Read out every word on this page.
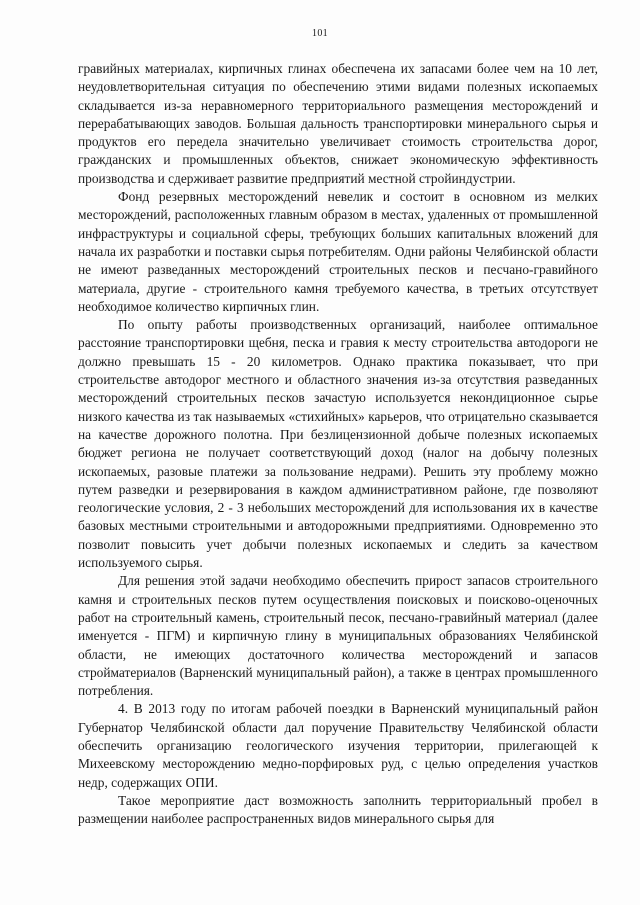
101

гравийных материалах, кирпичных глинах обеспечена их запасами более чем на 10 лет, неудовлетворительная ситуация по обеспечению этими видами полезных ископаемых складывается из-за неравномерного территориального размещения месторождений и перерабатывающих заводов. Большая дальность транспортировки минерального сырья и продуктов его передела значительно увеличивает стоимость строительства дорог, гражданских и промышленных объектов, снижает экономическую эффективность производства и сдерживает развитие предприятий местной стройиндустрии.

Фонд резервных месторождений невелик и состоит в основном из мелких месторождений, расположенных главным образом в местах, удаленных от промышленной инфраструктуры и социальной сферы, требующих больших капитальных вложений для начала их разработки и поставки сырья потребителям. Одни районы Челябинской области не имеют разведанных месторождений строительных песков и песчано-гравийного материала, другие - строительного камня требуемого качества, в третьих отсутствует необходимое количество кирпичных глин.

По опыту работы производственных организаций, наиболее оптимальное расстояние транспортировки щебня, песка и гравия к месту строительства автодороги не должно превышать 15 - 20 километров. Однако практика показывает, что при строительстве автодорог местного и областного значения из-за отсутствия разведанных месторождений строительных песков зачастую используется некондиционное сырье низкого качества из так называемых «стихийных» карьеров, что отрицательно сказывается на качестве дорожного полотна. При безлицензионной добыче полезных ископаемых бюджет региона не получает соответствующий доход (налог на добычу полезных ископаемых, разовые платежи за пользование недрами). Решить эту проблему можно путем разведки и резервирования в каждом административном районе, где позволяют геологические условия, 2 - 3 небольших месторождений для использования их в качестве базовых местными строительными и автодорожными предприятиями. Одновременно это позволит повысить учет добычи полезных ископаемых и следить за качеством используемого сырья.

Для решения этой задачи необходимо обеспечить прирост запасов строительного камня и строительных песков путем осуществления поисковых и поисково-оценочных работ на строительный камень, строительный песок, песчано-гравийный материал (далее именуется - ПГМ) и кирпичную глину в муниципальных образованиях Челябинской области, не имеющих достаточного количества месторождений и запасов стройматериалов (Варненский муниципальный район), а также в центрах промышленного потребления.

4. В 2013 году по итогам рабочей поездки в Варненский муниципальный район Губернатор Челябинской области дал поручение Правительству Челябинской области обеспечить организацию геологического изучения территории, прилегающей к Михеевскому месторождению медно-порфировых руд, с целью определения участков недр, содержащих ОПИ.

Такое мероприятие даст возможность заполнить территориальный пробел в размещении наиболее распространенных видов минерального сырья для
